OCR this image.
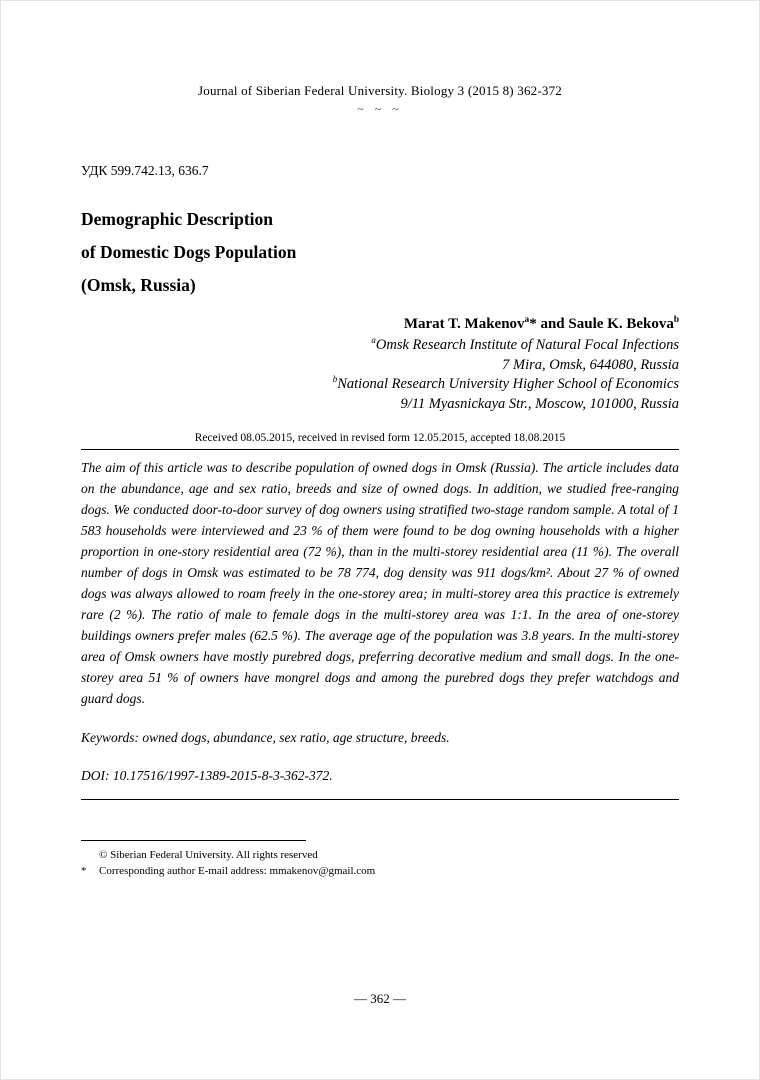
Journal of Siberian Federal University. Biology 3 (2015 8) 362-372
~ ~ ~
УДК 599.742.13, 636.7
Demographic Description
of Domestic Dogs Population
(Omsk, Russia)
Marat T. Makenov$^a$* and Saule K. Bekova$^b$
$^a$Omsk Research Institute of Natural Focal Infections
7 Mira, Omsk, 644080, Russia
$^b$National Research University Higher School of Economics
9/11 Myasnickaya Str., Moscow, 101000, Russia
Received 08.05.2015, received in revised form 12.05.2015, accepted 18.08.2015

The aim of this article was to describe population of owned dogs in Omsk (Russia). The article includes data on the abundance, age and sex ratio, breeds and size of owned dogs. In addition, we studied free-ranging dogs. We conducted door-to-door survey of dog owners using stratified two-stage random sample. A total of 1 583 households were interviewed and 23 % of them were found to be dog owning households with a higher proportion in one-story residential area (72 %), than in the multi-storey residential area (11 %). The overall number of dogs in Omsk was estimated to be 78 774, dog density was 911 dogs/km². About 27 % of owned dogs was always allowed to roam freely in the one-storey area; in multi-storey area this practice is extremely rare (2 %). The ratio of male to female dogs in the multi-storey area was 1:1. In the area of one-storey buildings owners prefer males (62.5 %). The average age of the population was 3.8 years. In the multi-storey area of Omsk owners have mostly purebred dogs, preferring decorative medium and small dogs. In the one-storey area 51 % of owners have mongrel dogs and among the purebred dogs they prefer watchdogs and guard dogs.

Keywords: owned dogs, abundance, sex ratio, age structure, breeds.

DOI: 10.17516/1997-1389-2015-8-3-362-372.
© Siberian Federal University. All rights reserved
*	Corresponding author E-mail address: mmakenov@gmail.com
— 362 —
